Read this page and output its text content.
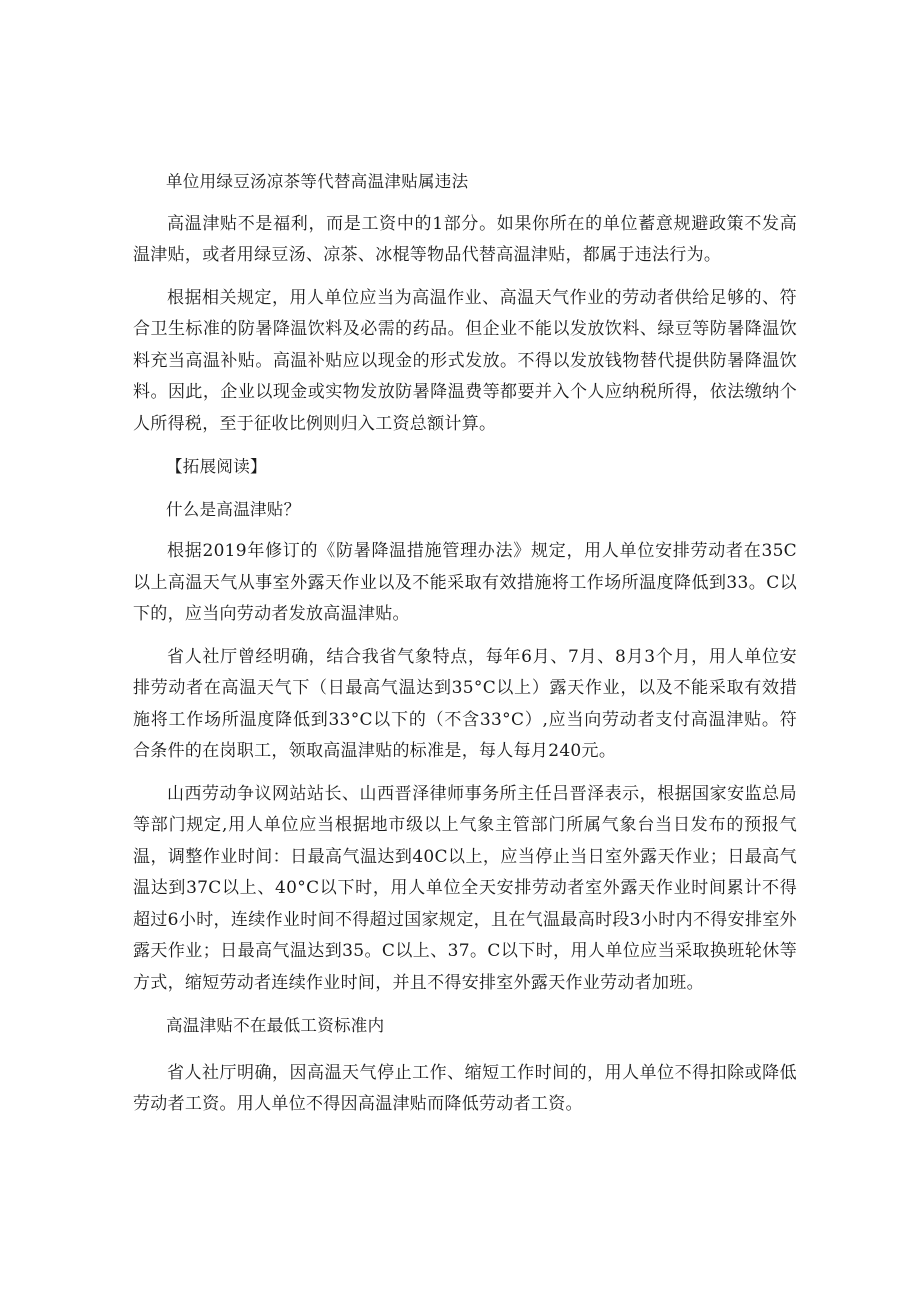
单位用绿豆汤凉茶等代替高温津贴属违法

高温津贴不是福利，而是工资中的1部分。如果你所在的单位蓄意规避政策不发高温津贴，或者用绿豆汤、凉茶、冰棍等物品代替高温津贴，都属于违法行为。

根据相关规定，用人单位应当为高温作业、高温天气作业的劳动者供给足够的、符合卫生标准的防暑降温饮料及必需的药品。但企业不能以发放饮料、绿豆等防暑降温饮料充当高温补贴。高温补贴应以现金的形式发放。不得以发放钱物替代提供防暑降温饮料。因此，企业以现金或实物发放防暑降温费等都要并入个人应纳税所得，依法缴纳个人所得税，至于征收比例则归入工资总额计算。

【拓展阅读】

什么是高温津贴？

根据2019年修订的《防暑降温措施管理办法》规定，用人单位安排劳动者在35C以上高温天气从事室外露天作业以及不能采取有效措施将工作场所温度降低到33。C以下的，应当向劳动者发放高温津贴。

省人社厅曾经明确，结合我省气象特点，每年6月、7月、8月3个月，用人单位安排劳动者在高温天气下（日最高气温达到35°C以上）露天作业，以及不能采取有效措施将工作场所温度降低到33°C以下的（不含33°C）,应当向劳动者支付高温津贴。符合条件的在岗职工，领取高温津贴的标准是，每人每月240元。

山西劳动争议网站站长、山西晋泽律师事务所主任吕晋泽表示，根据国家安监总局等部门规定,用人单位应当根据地市级以上气象主管部门所属气象台当日发布的预报气温，调整作业时间：日最高气温达到40C以上，应当停止当日室外露天作业；日最高气温达到37C以上、40°C以下时，用人单位全天安排劳动者室外露天作业时间累计不得超过6小时，连续作业时间不得超过国家规定，且在气温最高时段3小时内不得安排室外露天作业；日最高气温达到35。C以上、37。C以下时，用人单位应当采取换班轮休等方式，缩短劳动者连续作业时间，并且不得安排室外露天作业劳动者加班。

高温津贴不在最低工资标准内

省人社厅明确，因高温天气停止工作、缩短工作时间的，用人单位不得扣除或降低劳动者工资。用人单位不得因高温津贴而降低劳动者工资。
